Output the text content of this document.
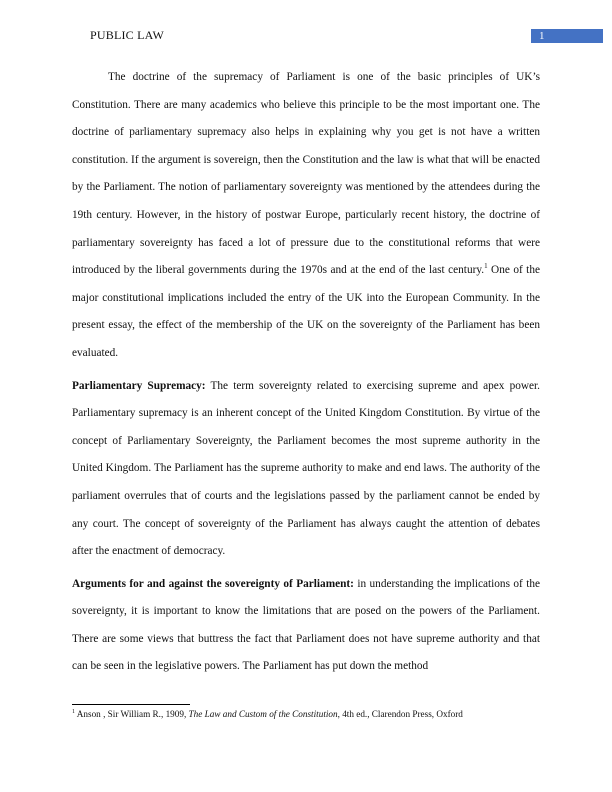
PUBLIC LAW	1

The doctrine of the supremacy of Parliament is one of the basic principles of UK’s Constitution. There are many academics who believe this principle to be the most important one. The doctrine of parliamentary supremacy also helps in explaining why you get is not have a written constitution. If the argument is sovereign, then the Constitution and the law is what that will be enacted by the Parliament. The notion of parliamentary sovereignty was mentioned by the attendees during the 19th century. However, in the history of postwar Europe, particularly recent history, the doctrine of parliamentary sovereignty has faced a lot of pressure due to the constitutional reforms that were introduced by the liberal governments during the 1970s and at the end of the last century.$^1$ One of the major constitutional implications included the entry of the UK into the European Community. In the present essay, the effect of the membership of the UK on the sovereignty of the Parliament has been evaluated.

Parliamentary Supremacy: The term sovereignty related to exercising supreme and apex power. Parliamentary supremacy is an inherent concept of the United Kingdom Constitution. By virtue of the concept of Parliamentary Sovereignty, the Parliament becomes the most supreme authority in the United Kingdom. The Parliament has the supreme authority to make and end laws. The authority of the parliament overrules that of courts and the legislations passed by the parliament cannot be ended by any court. The concept of sovereignty of the Parliament has always caught the attention of debates after the enactment of democracy.

Arguments for and against the sovereignty of Parliament: in understanding the implications of the sovereignty, it is important to know the limitations that are posed on the powers of the Parliament. There are some views that buttress the fact that Parliament does not have supreme authority and that can be seen in the legislative powers. The Parliament has put down the method

$^1$ Anson , Sir William R., 1909, The Law and Custom of the Constitution, 4th ed., Clarendon Press, Oxford
